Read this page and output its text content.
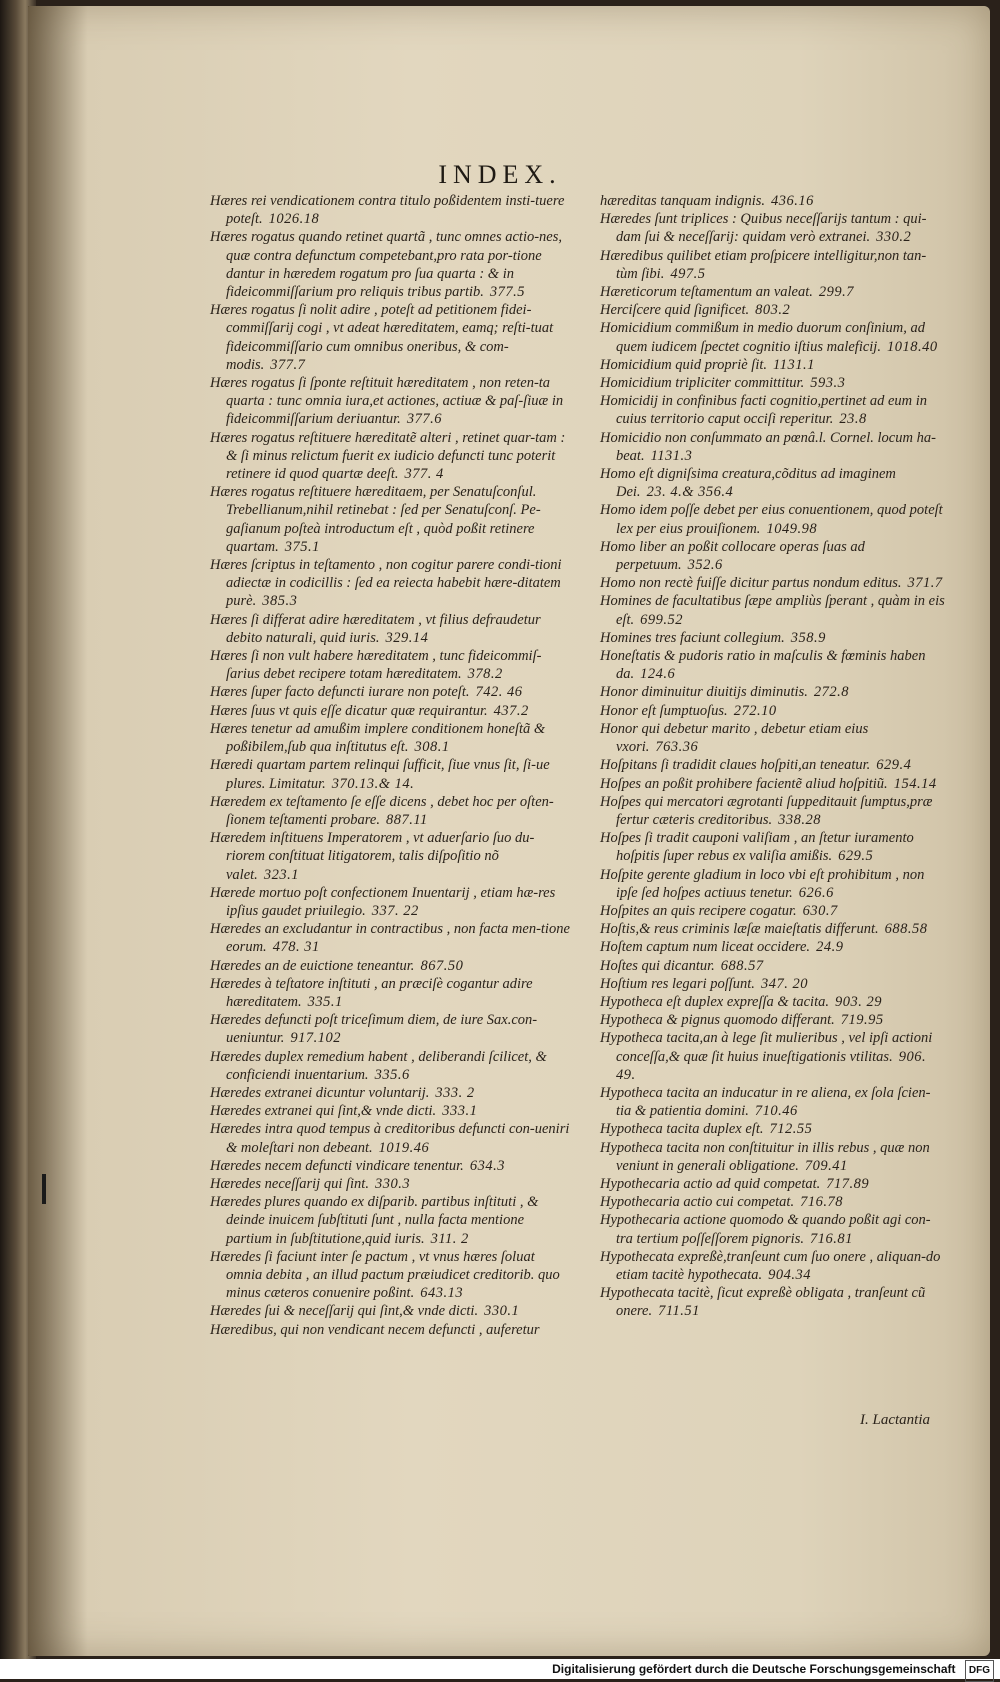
INDEX.

Hæres rei vendicationem contra titulo poßidentem insti-tuere poteſt. 1026.18

Hæres rogatus quando retinet quartã , tunc omnes actio-nes, quæ contra defunctum competebant,pro rata por-tione dantur in hæredem rogatum pro ſua quarta : & in fideicommiſſarium pro reliquis tribus partib. 377.5

Hæres rogatus ſi nolit adire , poteſt ad petitionem fidei-commiſſarij cogi , vt adeat hæreditatem, eamq; reſti-tuat fideicommiſſario cum omnibus oneribus, & com-modis. 377.7

Hæres rogatus ſi ſponte reſtituit hæreditatem , non reten-ta quarta : tunc omnia iura,et actiones, actiuæ & paſ-ſiuæ in fideicommiſſarium deriuantur. 377.6

Hæres rogatus reſtituere hæreditatẽ alteri , retinet quar-tam : & ſi minus relictum fuerit ex iudicio defuncti tunc poterit retinere id quod quartæ deeſt. 377. 4

Hæres rogatus reſtituere hæreditaem, per Senatuſconſul. Trebellianum,nihil retinebat : ſed per Senatuſconſ. Pe-gaſianum poſteà introductum eſt , quòd poßit retinere quartam. 375.1

Hæres ſcriptus in teſtamento , non cogitur parere condi-tioni adiectæ in codicillis : ſed ea reiecta habebit hære-ditatem purè. 385.3

Hæres ſi differat adire hæreditatem , vt filius defraudetur debito naturali, quid iuris. 329.14

Hæres ſi non vult habere hæreditatem , tunc fideicommiſ-ſarius debet recipere totam hæreditatem. 378.2

Hæres ſuper facto defuncti iurare non poteſt. 742. 46

Hæres ſuus vt quis eſſe dicatur quæ requirantur. 437.2

Hæres tenetur ad amußim implere conditionem honeſtã & poßibilem,ſub qua inſtitutus eſt. 308.1

Hæredi quartam partem relinqui ſufficit, ſiue vnus ſit, ſi-ue plures. Limitatur. 370.13.& 14.

Hæredem ex teſtamento ſe eſſe dicens , debet hoc per oſten-ſionem teſtamenti probare. 887.11

Hæredem inſtituens Imperatorem , vt aduerſario ſuo du-riorem conſtituat litigatorem, talis diſpoſitio nõ valet. 323.1

Hærede mortuo poſt confectionem Inuentarij , etiam hæ-res ipſius gaudet priuilegio. 337. 22

Hæredes an excludantur in contractibus , non facta men-tione eorum. 478. 31

Hæredes an de euictione teneantur. 867.50

Hæredes à teſtatore inſtituti , an præciſè cogantur adire hæreditatem. 335.1

Hæredes defuncti poſt triceſimum diem, de iure Sax.con-ueniuntur. 917.102

Hæredes duplex remedium habent , deliberandi ſcilicet, & conficiendi inuentarium. 335.6

Hæredes extranei dicuntur voluntarij. 333. 2

Hæredes extranei qui ſint,& vnde dicti. 333.1

Hæredes intra quod tempus à creditoribus defuncti con-ueniri & moleſtari non debeant. 1019.46

Hæredes necem defuncti vindicare tenentur. 634.3

Hæredes neceſſarij qui ſint. 330.3

Hæredes plures quando ex diſparib. partibus inſtituti , & deinde inuicem ſubſtituti ſunt , nulla facta mentione partium in ſubſtitutione,quid iuris. 311. 2

Hæredes ſi faciunt inter ſe pactum , vt vnus hæres ſoluat omnia debita , an illud pactum præiudicet creditorib. quo minus cæteros conuenire poßint. 643.13

Hæredes ſui & neceſſarij qui ſint,& vnde dicti. 330.1

Hæredibus, qui non vendicant necem defuncti , auferetur

hæreditas tanquam indignis. 436.16

Hæredes ſunt triplices : Quibus neceſſarijs tantum : qui-dam ſui & neceſſarij: quidam verò extranei. 330.2

Hæredibus quilibet etiam proſpicere intelligitur,non tan-tùm ſibi. 497.5

Hæreticorum teſtamentum an valeat. 299.7

Herciſcere quid ſignificet. 803.2

Homicidium commißum in medio duorum conſinium, ad quem iudicem ſpectet cognitio iſtius maleficij. 1018.40

Homicidium quid propriè ſit. 1131.1

Homicidium tripliciter committitur. 593.3

Homicidij in confinibus facti cognitio,pertinet ad eum in cuius territorio caput occiſi reperitur. 23.8

Homicidio non conſummato an pœnâ.l. Cornel. locum ha-beat. 1131.3

Homo eſt digniſsima creatura,cõditus ad imaginem Dei. 23. 4.& 356.4

Homo idem poſſe debet per eius conuentionem, quod poteſt lex per eius prouiſionem. 1049.98

Homo liber an poßit collocare operas ſuas ad perpetuum. 352.6

Homo non rectè fuiſſe dicitur partus nondum editus. 371.7

Homines de facultatibus ſæpe ampliùs ſperant , quàm in eis eſt. 699.52

Homines tres faciunt collegium. 358.9

Honeſtatis & pudoris ratio in maſculis & fœminis haben da. 124.6

Honor diminuitur diuitijs diminutis. 272.8

Honor eſt ſumptuoſus. 272.10

Honor qui debetur marito , debetur etiam eius vxori. 763.36

Hoſpitans ſi tradidit claues hoſpiti,an teneatur. 629.4

Hoſpes an poßit prohibere facientẽ aliud hoſpitiũ. 154.14

Hoſpes qui mercatori ægrotanti ſuppeditauit ſumptus,præ fertur cæteris creditoribus. 338.28

Hoſpes ſi tradit cauponi valiſiam , an ſtetur iuramento hoſpitis ſuper rebus ex valiſia amißis. 629.5

Hoſpite gerente gladium in loco vbi eſt prohibitum , non ipſe ſed hoſpes actiuus tenetur. 626.6

Hoſpites an quis recipere cogatur. 630.7

Hoſtis,& reus criminis læſæ maieſtatis differunt. 688.58

Hoſtem captum num liceat occidere. 24.9

Hoſtes qui dicantur. 688.57

Hoſtium res legari poſſunt. 347. 20

Hypotheca eſt duplex expreſſa & tacita. 903. 29

Hypotheca & pignus quomodo differant. 719.95

Hypotheca tacita,an à lege ſit mulieribus , vel ipſi actioni conceſſa,& quæ ſit huius inueſtigationis vtilitas. 906. 49.

Hypotheca tacita an inducatur in re aliena, ex ſola ſcien-tia & patientia domini. 710.46

Hypotheca tacita duplex eſt. 712.55

Hypotheca tacita non conſtituitur in illis rebus , quæ non veniunt in generali obligatione. 709.41

Hypothecaria actio ad quid competat. 717.89

Hypothecaria actio cui competat. 716.78

Hypothecaria actione quomodo & quando poßit agi con-tra tertium poſſeſſorem pignoris. 716.81

Hypothecata expreßè,tranſeunt cum ſuo onere , aliquan-do etiam tacitè hypothecata. 904.34

Hypothecata tacitè, ſicut expreßè obligata , tranſeunt cũ onere. 711.51

I. Lactantia
Digitalisierung gefördert durch die Deutsche Forschungsgemeinschaft DFG
